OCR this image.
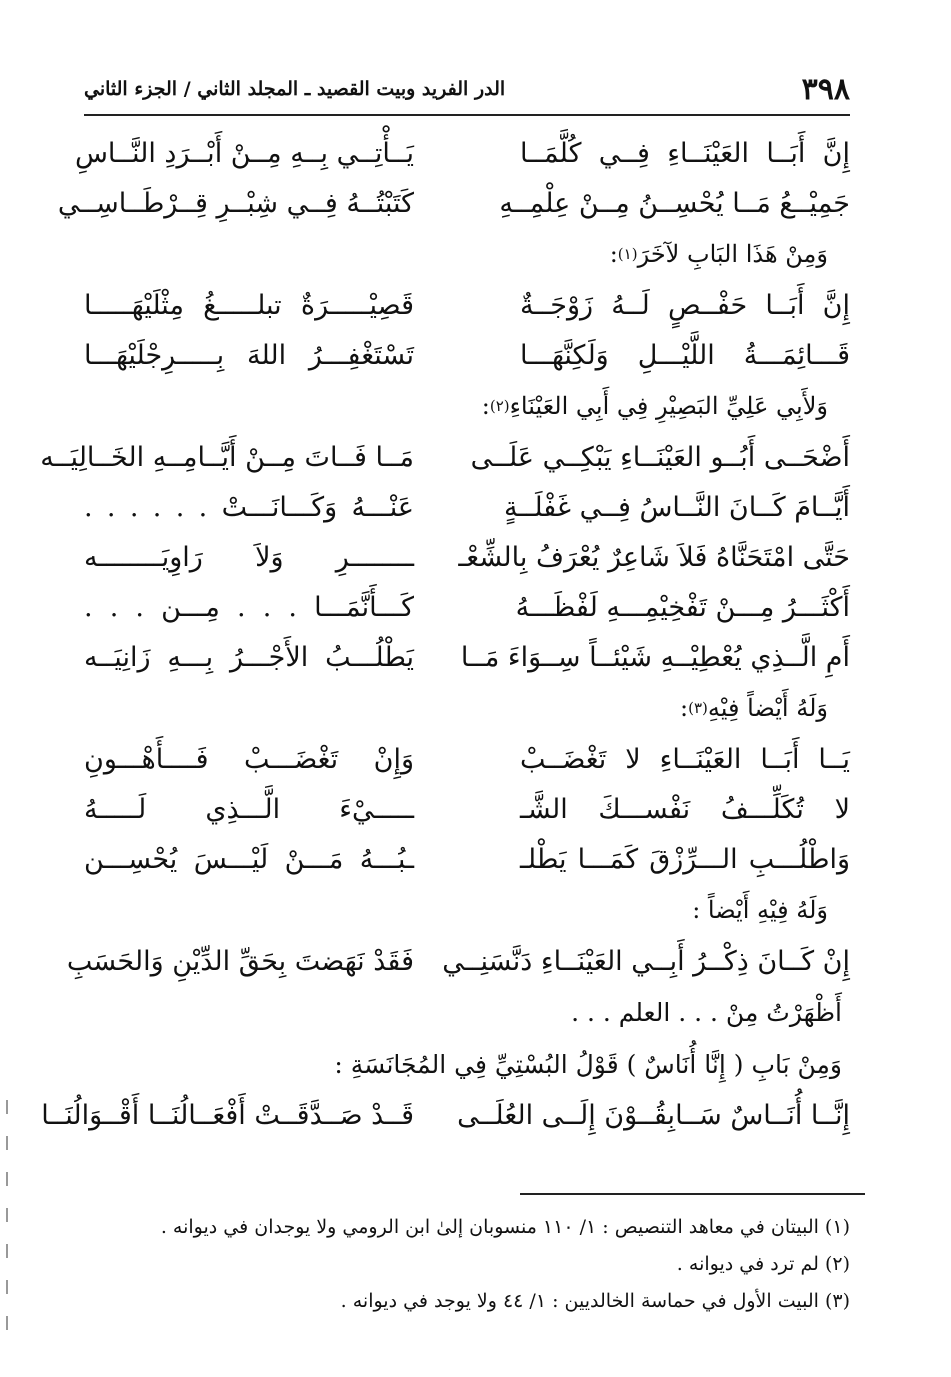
٣٩٨
الدر الفريد وبيت القصيد ـ المجلد الثاني / الجزء الثاني
إِنَّ أَبَــا العَيْنَــاءِ فِــي كُلَّمَــا
يَــأْتِــي بِــهِ مِــنْ أَبْــرَدِ النَّــاسِ
جَمِيْــعُ مَــا يُحْسِــنُ مِــنْ عِلْمِــهِ
كَتَبْتُــهُ فِــي شِبْــرِ قِــرْطَــاسِــي
وَمِنْ هَذَا البَابِ لآخَرَ
(١)
:
إِنَّ أَبَــا حَفْــصٍ لَــهُ زَوْجَــةٌ
قَصِيْـــــرَةٌ تبلـــــغُ مِثْلَيْهَـــــا
قَـــائِمَـــةُ اللَّيْـــلِ وَلَكِنَّهَـــا
تَسْتَغْفِـــرُ اللهَ بِـــــرِجْلَيْهَـــا
وَلأَبِي عَلِيِّ البَصِيْرِ فِي أَبِي العَيْنَاءِ
(٢)
:
أَضْحَــى أَبُــو العَيْنَــاءِ يَبْكِــي عَلَــى
مَــا فَــاتَ مِــنْ أَيَّــامِــهِ الخَــالِيَــه
أَيَّــامَ كَــانَ النَّــاسُ فِــي غَفْلَــةٍ
عَنْـــهُ وَكَـــانَـــتْ . . . . . .
حَتَّى امْتَحَنَّاهُ فَلاَ شَاعِرٌ يُعْرَفُ بِالشِّعْـ
ــــــــرِ وَلاَ رَاوِيَــــــــه
أَكْثَـــرُ مِـــنْ تَفْخِيْمِـــهِ لَفْظَـــهُ
كَـــأَنَّمَـــا . . . مِـــن . . .
أَمِ الَّــذِي يُعْطِيْــهِ شَيْئــاً سِــوَاءَ مَــا
يَطْلُـــبُ الأَجْـــرُ بِـــهِ زَانِيَــه
وَلَهُ أَيْضاً فِيْهِ
(٣)
:
يَــا أَبَــا العَيْنَــاءِ لا تَغْضَــبْ
وَإِنْ تَغْضَـــبْ فَــــأَهْـــونِ
لا تُكَلِّـــفُ نَفْســـكَ الشَّـ
ـــــيْءَ الَّـــذِي لَـــــهُ
وَاطْلُـــبِ الـــرِّزْقَ كَمَـــا يَطْلـ
ـبُـــهُ مَـــنْ لَيْـــسَ يُحْسِـــن
وَلَهُ فِيْهِ أَيْضاً :
إِنْ كَــانَ ذِكْــرُ أَبِــي العَيْنَــاءِ دَنَّسَنِــي
فَقَدْ نَهَضتَ بِحَقِّ الدِّيْنِ وَالحَسَبِ
أَظْهَرْتُ مِنْ . . . العلم . . .
وَمِنْ بَابِ ( إِنَّا أُنَاسٌ ) قَوْلُ البُسْتِيِّ فِي المُجَانَسَةِ :
إِنَّــا أُنَــاسٌ سَــابِقُــوْنَ إِلَــى العُلَــى
قَــدْ صَــدَّقَــتْ أَفْعَــالُنَــا أَقْــوَالُنَــا
(١) البيتان في معاهد التنصيص : ١/ ١١٠ منسوبان إلىٰ ابن الرومي ولا يوجدان في ديوانه .
(٢) لم ترد في ديوانه .
(٣) البيت الأول في حماسة الخالديين : ١/ ٤٤ ولا يوجد في ديوانه .
